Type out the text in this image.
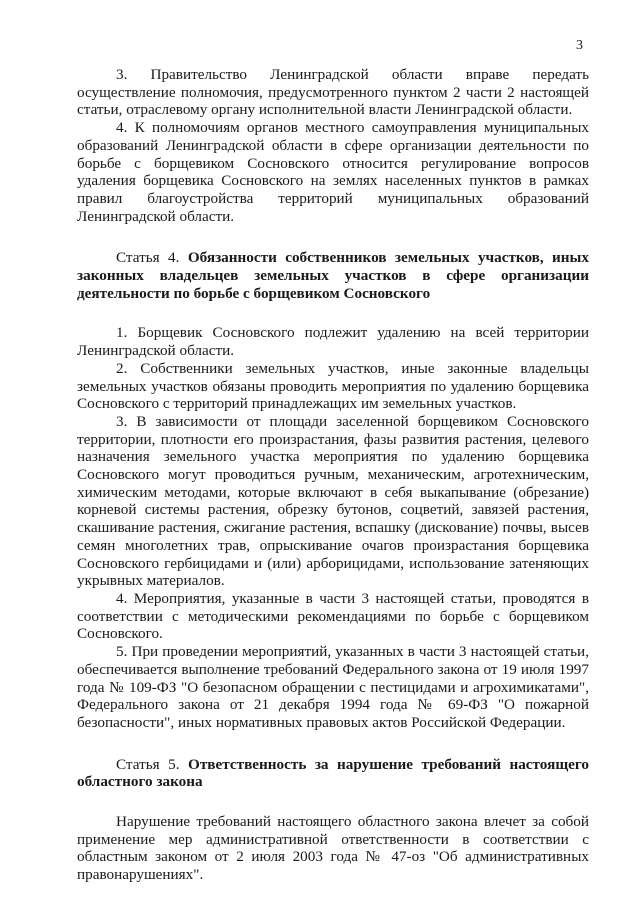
3

3. Правительство Ленинградской области вправе передать осуществление полномочия, предусмотренного пунктом 2 части 2 настоящей статьи, отраслевому органу исполнительной власти Ленинградской области.

4. К полномочиям органов местного самоуправления муниципальных образований Ленинградской области в сфере организации деятельности по борьбе с борщевиком Сосновского относится регулирование вопросов удаления борщевика Сосновского на землях населенных пунктов в рамках правил благоустройства территорий муниципальных образований Ленинградской области.

Статья 4. Обязанности собственников земельных участков, иных законных владельцев земельных участков в сфере организации деятельности по борьбе с борщевиком Сосновского

1. Борщевик Сосновского подлежит удалению на всей территории Ленинградской области.

2. Собственники земельных участков, иные законные владельцы земельных участков обязаны проводить мероприятия по удалению борщевика Сосновского с территорий принадлежащих им земельных участков.

3. В зависимости от площади заселенной борщевиком Сосновского территории, плотности его произрастания, фазы развития растения, целевого назначения земельного участка мероприятия по удалению борщевика Сосновского могут проводиться ручным, механическим, агротехническим, химическим методами, которые включают в себя выкапывание (обрезание) корневой системы растения, обрезку бутонов, соцветий, завязей растения, скашивание растения, сжигание растения, вспашку (дискование) почвы, высев семян многолетних трав, опрыскивание очагов произрастания борщевика Сосновского гербицидами и (или) арборицидами, использование затеняющих укрывных материалов.

4. Мероприятия, указанные в части 3 настоящей статьи, проводятся в соответствии с методическими рекомендациями по борьбе с борщевиком Сосновского.

5. При проведении мероприятий, указанных в части 3 настоящей статьи, обеспечивается выполнение требований Федерального закона от 19 июля 1997 года № 109-ФЗ "О безопасном обращении с пестицидами и агрохимикатами", Федерального закона от 21 декабря 1994 года № 69-ФЗ "О пожарной безопасности", иных нормативных правовых актов Российской Федерации.

Статья 5. Ответственность за нарушение требований настоящего областного закона

Нарушение требований настоящего областного закона влечет за собой применение мер административной ответственности в соответствии с областным законом от 2 июля 2003 года № 47-оз "Об административных правонарушениях".
